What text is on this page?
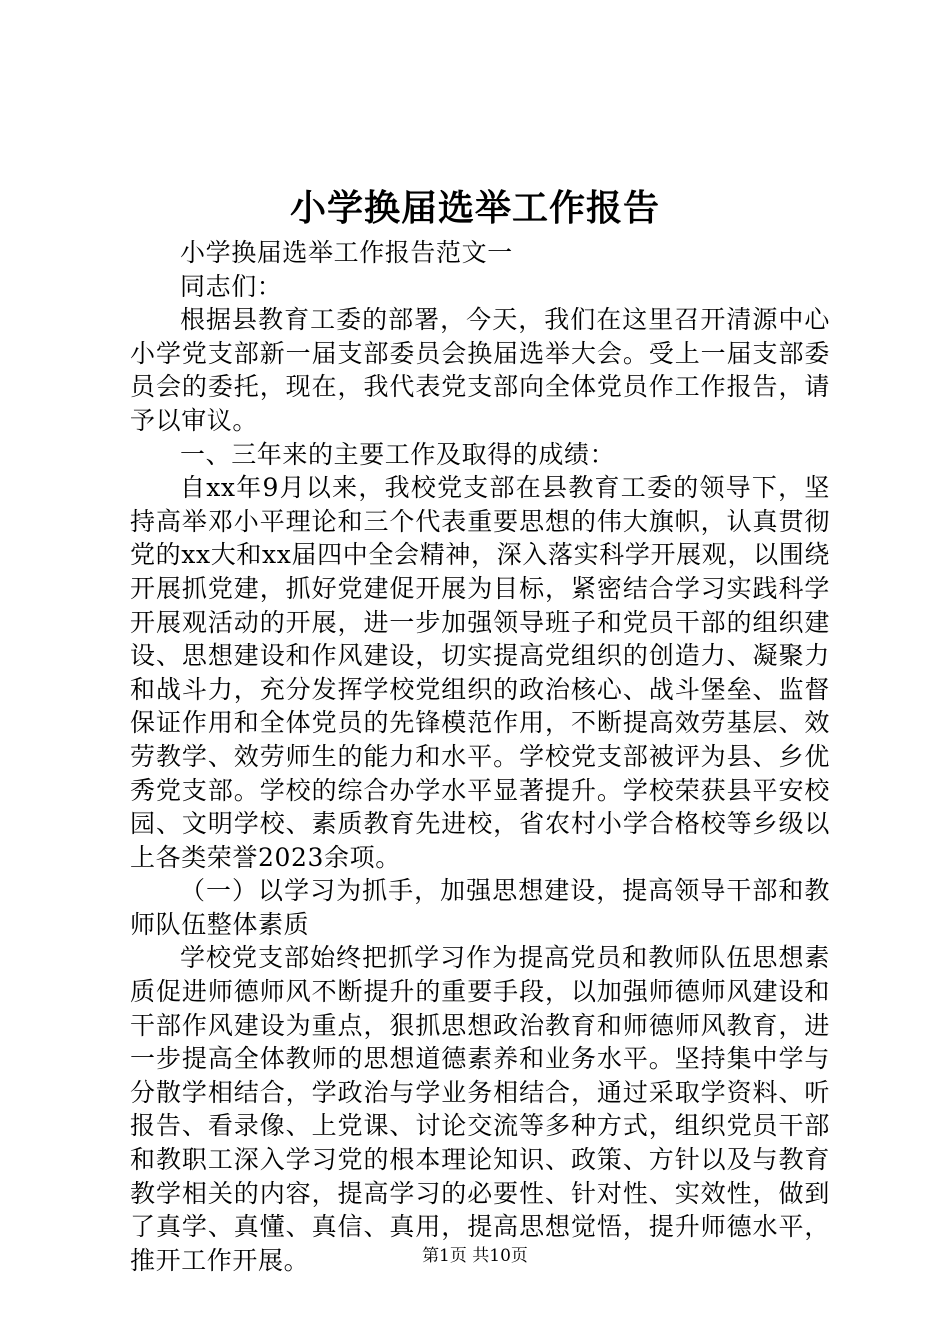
小学换届选举工作报告

小学换届选举工作报告范文一

同志们：

根据县教育工委的部署，今天，我们在这里召开清源中心小学党支部新一届支部委员会换届选举大会。受上一届支部委员会的委托，现在，我代表党支部向全体党员作工作报告，请予以审议。

一、三年来的主要工作及取得的成绩：

自xx年9月以来，我校党支部在县教育工委的领导下，坚持高举邓小平理论和三个代表重要思想的伟大旗帜，认真贯彻党的xx大和xx届四中全会精神，深入落实科学开展观，以围绕开展抓党建，抓好党建促开展为目标，紧密结合学习实践科学开展观活动的开展，进一步加强领导班子和党员干部的组织建设、思想建设和作风建设，切实提高党组织的创造力、凝聚力和战斗力，充分发挥学校党组织的政治核心、战斗堡垒、监督保证作用和全体党员的先锋模范作用，不断提高效劳基层、效劳教学、效劳师生的能力和水平。学校党支部被评为县、乡优秀党支部。学校的综合办学水平显著提升。学校荣获县平安校园、文明学校、素质教育先进校，省农村小学合格校等乡级以上各类荣誉2023余项。

（一）以学习为抓手，加强思想建设，提高领导干部和教师队伍整体素质

学校党支部始终把抓学习作为提高党员和教师队伍思想素质促进师德师风不断提升的重要手段，以加强师德师风建设和干部作风建设为重点，狠抓思想政治教育和师德师风教育，进一步提高全体教师的思想道德素养和业务水平。坚持集中学与分散学相结合，学政治与学业务相结合，通过采取学资料、听报告、看录像、上党课、讨论交流等多种方式，组织党员干部和教职工深入学习党的根本理论知识、政策、方针以及与教育教学相关的内容，提高学习的必要性、针对性、实效性，做到了真学、真懂、真信、真用，提高思想觉悟，提升师德水平，推开工作开展。	第1页 共10页
